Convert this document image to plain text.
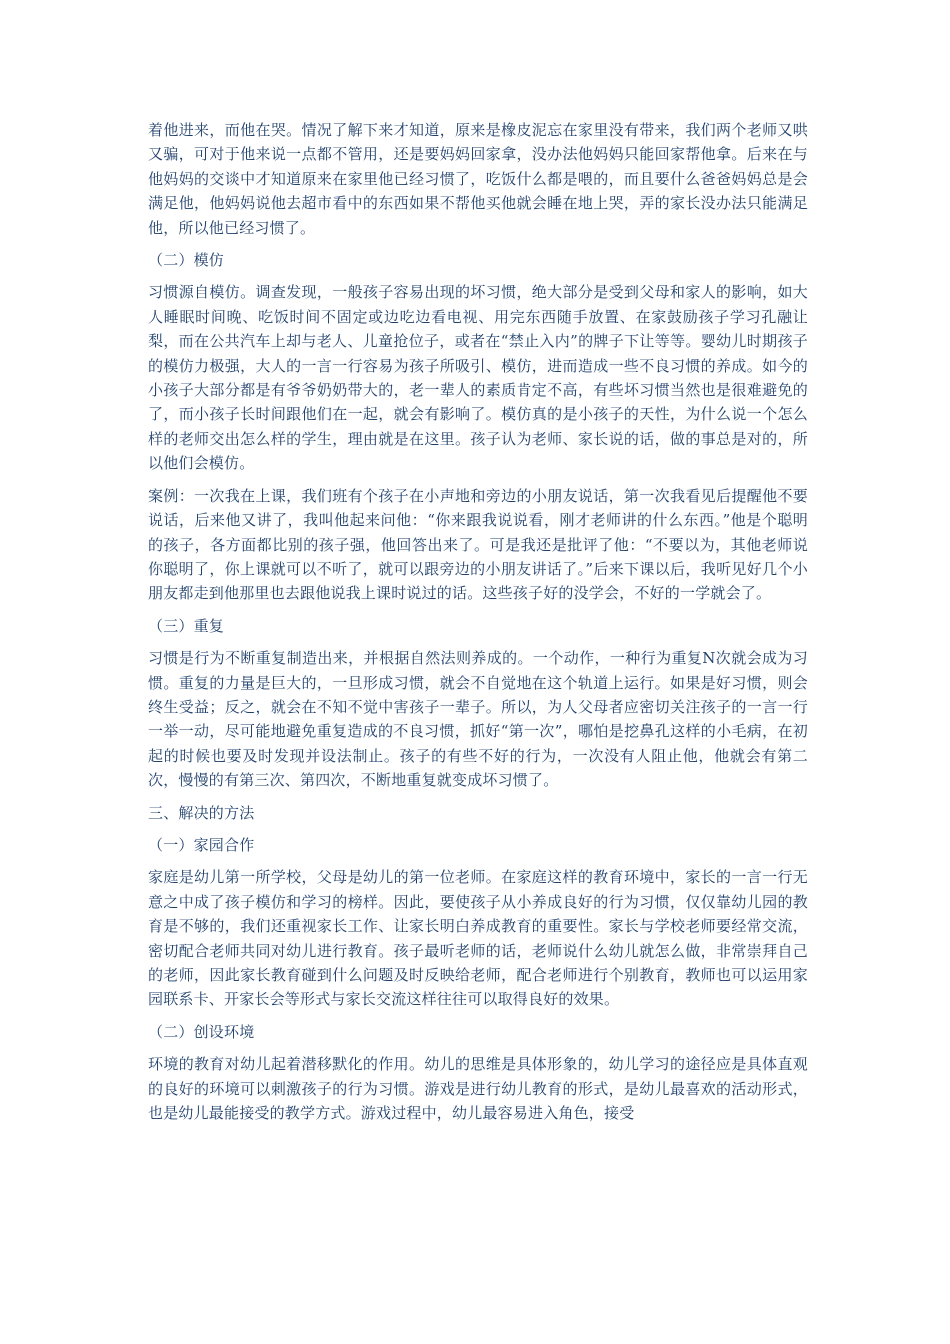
着他进来，而他在哭。情况了解下来才知道，原来是橡皮泥忘在家里没有带来，我们两个老师又哄又骗，可对于他来说一点都不管用，还是要妈妈回家拿，没办法他妈妈只能回家帮他拿。后来在与他妈妈的交谈中才知道原来在家里他已经习惯了，吃饭什么都是喂的，而且要什么爸爸妈妈总是会满足他，他妈妈说他去超市看中的东西如果不帮他买他就会睡在地上哭，弄的家长没办法只能满足他，所以他已经习惯了。

（二）模仿

习惯源自模仿。调查发现，一般孩子容易出现的坏习惯，绝大部分是受到父母和家人的影响，如大人睡眠时间晚、吃饭时间不固定或边吃边看电视、用完东西随手放置、在家鼓励孩子学习孔融让梨，而在公共汽车上却与老人、儿童抢位子，或者在“禁止入内”的牌子下让等等。婴幼儿时期孩子的模仿力极强，大人的一言一行容易为孩子所吸引、模仿，进而造成一些不良习惯的养成。如今的小孩子大部分都是有爷爷奶奶带大的，老一辈人的素质肯定不高，有些坏习惯当然也是很难避免的了，而小孩子长时间跟他们在一起，就会有影响了。模仿真的是小孩子的天性，为什么说一个怎么样的老师交出怎么样的学生，理由就是在这里。孩子认为老师、家长说的话，做的事总是对的，所以他们会模仿。

案例：一次我在上课，我们班有个孩子在小声地和旁边的小朋友说话，第一次我看见后提醒他不要说话，后来他又讲了，我叫他起来问他：“你来跟我说说看，刚才老师讲的什么东西。”他是个聪明的孩子，各方面都比别的孩子强，他回答出来了。可是我还是批评了他：“不要以为，其他老师说你聪明了，你上课就可以不听了，就可以跟旁边的小朋友讲话了。”后来下课以后，我听见好几个小朋友都走到他那里也去跟他说我上课时说过的话。这些孩子好的没学会，不好的一学就会了。

（三）重复

习惯是行为不断重复制造出来，并根据自然法则养成的。一个动作，一种行为重复N次就会成为习惯。重复的力量是巨大的，一旦形成习惯，就会不自觉地在这个轨道上运行。如果是好习惯，则会终生受益；反之，就会在不知不觉中害孩子一辈子。所以，为人父母者应密切关注孩子的一言一行一举一动，尽可能地避免重复造成的不良习惯，抓好“第一次”，哪怕是挖鼻孔这样的小毛病，在初起的时候也要及时发现并设法制止。孩子的有些不好的行为，一次没有人阻止他，他就会有第二次，慢慢的有第三次、第四次，不断地重复就变成坏习惯了。

三、解决的方法

（一）家园合作

家庭是幼儿第一所学校，父母是幼儿的第一位老师。在家庭这样的教育环境中，家长的一言一行无意之中成了孩子模仿和学习的榜样。因此，要使孩子从小养成良好的行为习惯，仅仅靠幼儿园的教育是不够的，我们还重视家长工作、让家长明白养成教育的重要性。家长与学校老师要经常交流，密切配合老师共同对幼儿进行教育。孩子最听老师的话，老师说什么幼儿就怎么做，非常崇拜自己的老师，因此家长教育碰到什么问题及时反映给老师，配合老师进行个别教育，教师也可以运用家园联系卡、开家长会等形式与家长交流这样往往可以取得良好的效果。

（二）创设环境

环境的教育对幼儿起着潜移默化的作用。幼儿的思维是具体形象的，幼儿学习的途径应是具体直观的良好的环境可以刺激孩子的行为习惯。游戏是进行幼儿教育的形式，是幼儿最喜欢的活动形式，也是幼儿最能接受的教学方式。游戏过程中，幼儿最容易进入角色，接受
